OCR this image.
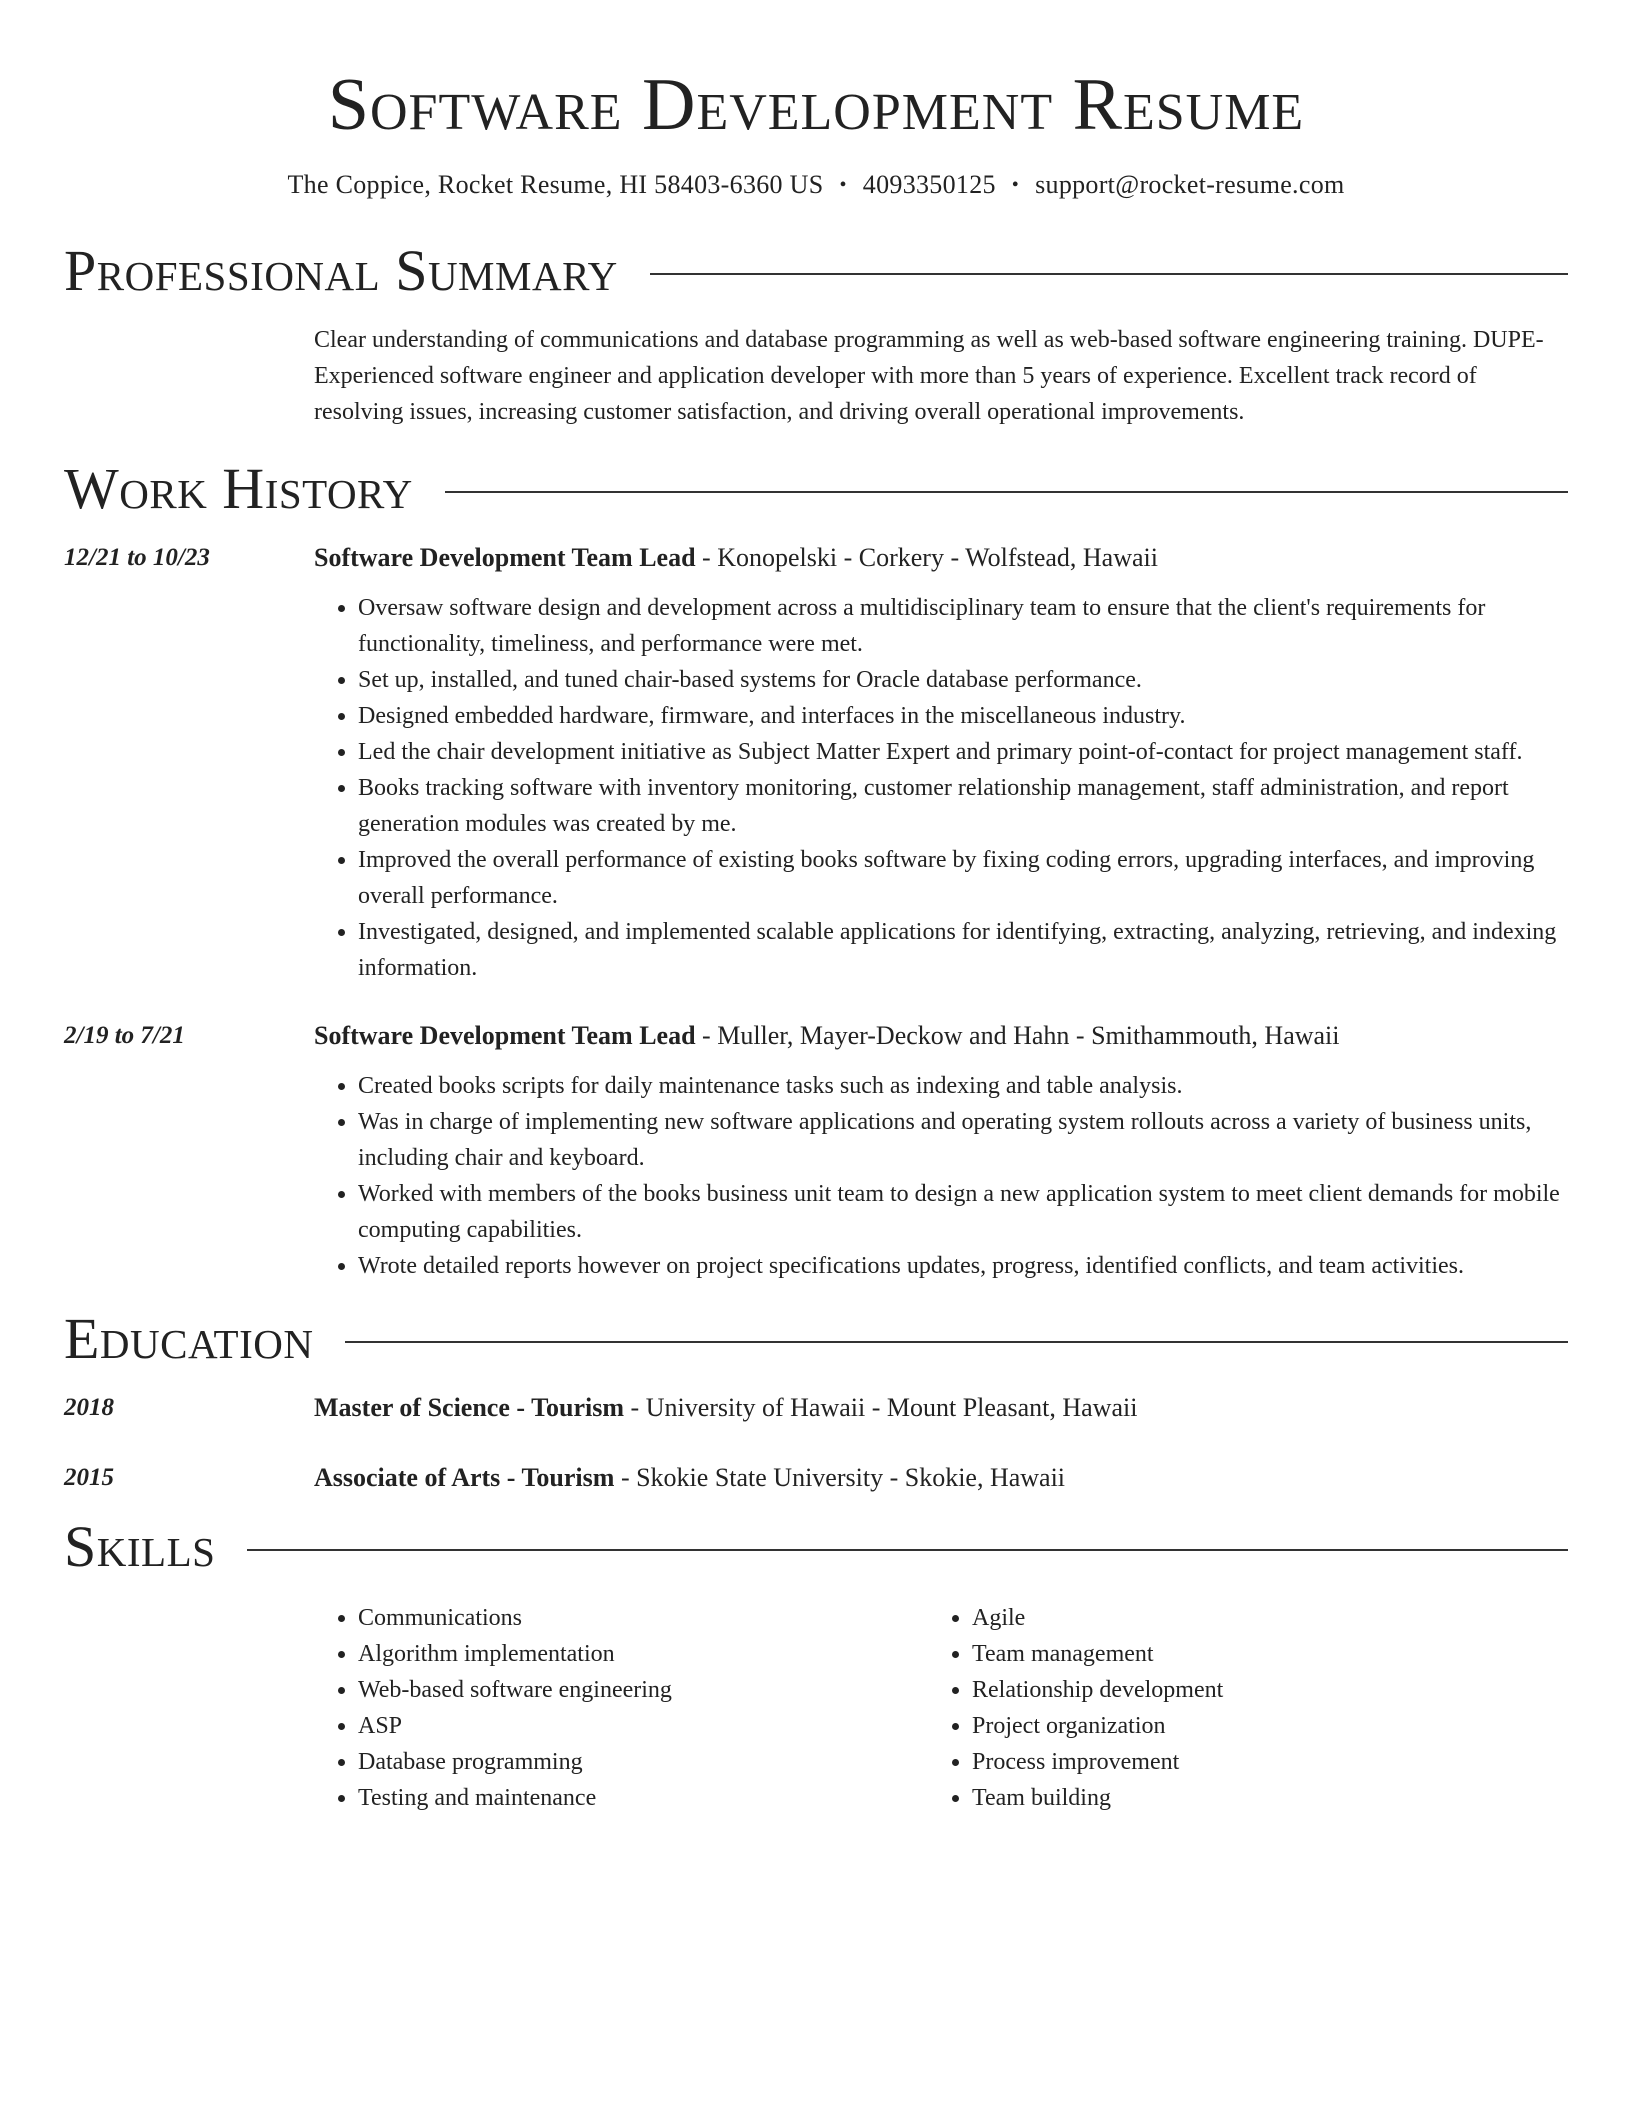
Software Development Resume
The Coppice, Rocket Resume, HI 58403-6360 US • 4093350125 • support@rocket-resume.com
Professional Summary
Clear understanding of communications and database programming as well as web-based software engineering training. DUPE- Experienced software engineer and application developer with more than 5 years of experience. Excellent track record of resolving issues, increasing customer satisfaction, and driving overall operational improvements.
Work History
12/21 to 10/23	Software Development Team Lead - Konopelski - Corkery - Wolfstead, Hawaii
• Oversaw software design and development across a multidisciplinary team to ensure that the client's requirements for functionality, timeliness, and performance were met.
• Set up, installed, and tuned chair-based systems for Oracle database performance.
• Designed embedded hardware, firmware, and interfaces in the miscellaneous industry.
• Led the chair development initiative as Subject Matter Expert and primary point-of-contact for project management staff.
• Books tracking software with inventory monitoring, customer relationship management, staff administration, and report generation modules was created by me.
• Improved the overall performance of existing books software by fixing coding errors, upgrading interfaces, and improving overall performance.
• Investigated, designed, and implemented scalable applications for identifying, extracting, analyzing, retrieving, and indexing information.
2/19 to 7/21	Software Development Team Lead - Muller, Mayer-Deckow and Hahn - Smithammouth, Hawaii
• Created books scripts for daily maintenance tasks such as indexing and table analysis.
• Was in charge of implementing new software applications and operating system rollouts across a variety of business units, including chair and keyboard.
• Worked with members of the books business unit team to design a new application system to meet client demands for mobile computing capabilities.
• Wrote detailed reports however on project specifications updates, progress, identified conflicts, and team activities.
Education
2018	Master of Science - Tourism - University of Hawaii - Mount Pleasant, Hawaii
2015	Associate of Arts - Tourism - Skokie State University - Skokie, Hawaii
Skills
• Communications
• Algorithm implementation
• Web-based software engineering
• ASP
• Database programming
• Testing and maintenance
• Agile
• Team management
• Relationship development
• Project organization
• Process improvement
• Team building
